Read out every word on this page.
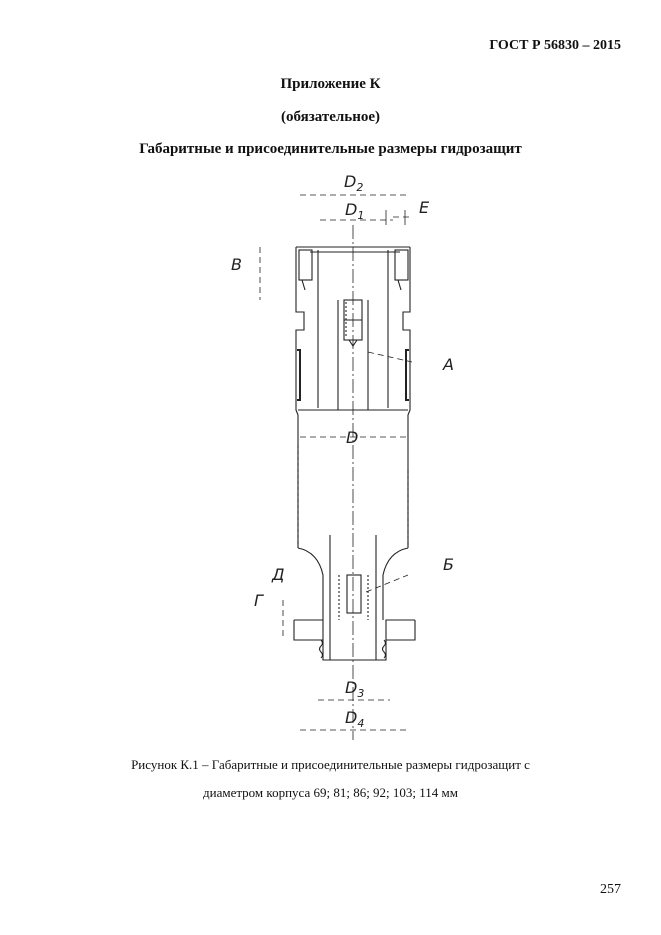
ГОСТ Р 56830 – 2015
Приложение К
(обязательное)
Габаритные и присоединительные размеры гидрозащит
$D_2$
$D_1$	E
B
A
D
Б
Д
Г
$D_3$
$D_4$
Рисунок К.1 – Габаритные и присоединительные размеры гидрозащит с
диаметром корпуса 69; 81; 86; 92; 103; 114 мм
257
